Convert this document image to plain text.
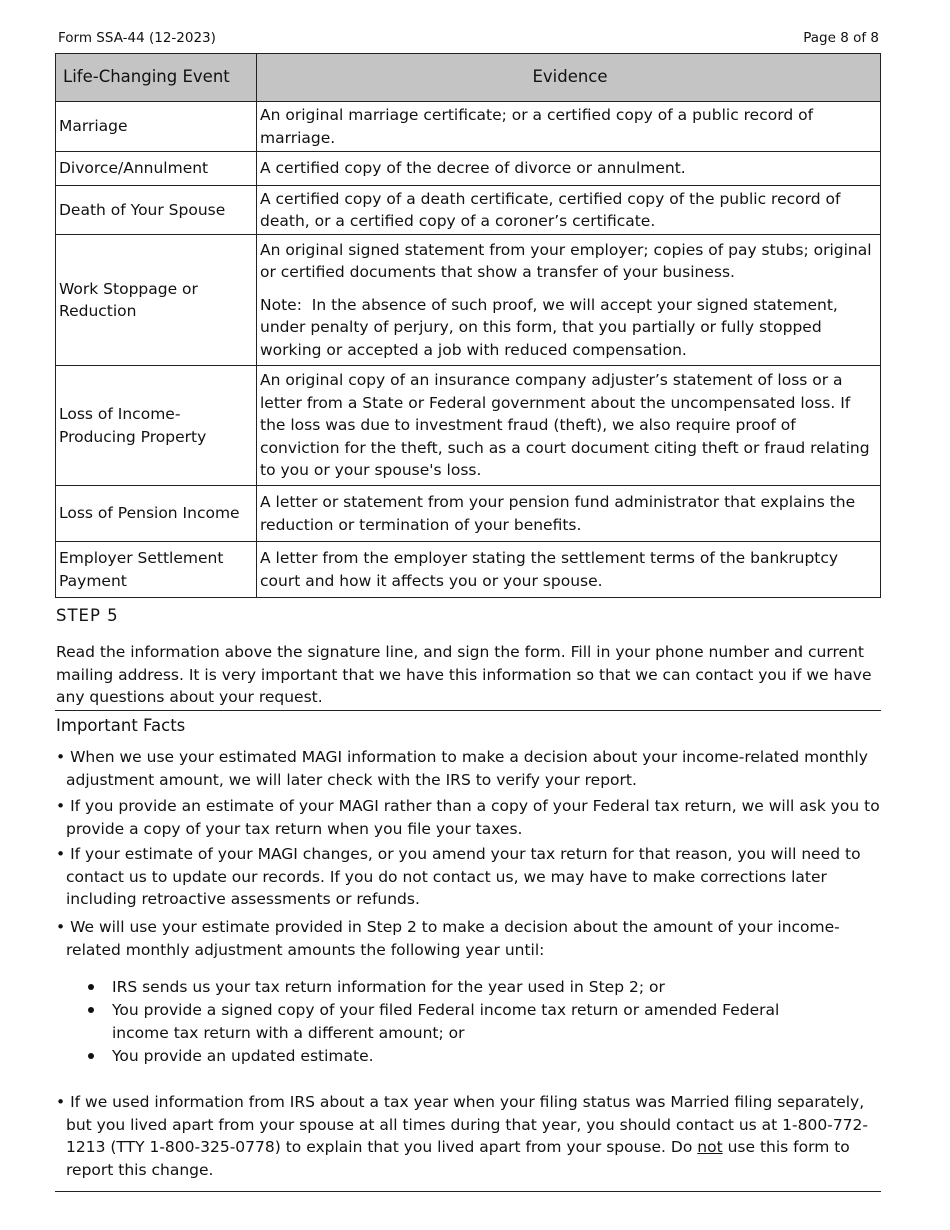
Form SSA-44 (12-2023)	Page 8 of 8
Life-Changing Event	Evidence
Marriage	An original marriage certificate; or a certified copy of a public record of marriage.
Divorce/Annulment	A certified copy of the decree of divorce or annulment.
Death of Your Spouse	A certified copy of a death certificate, certified copy of the public record of death, or a certified copy of a coroner’s certificate.
Work Stoppage or Reduction	An original signed statement from your employer; copies of pay stubs; original or certified documents that show a transfer of your business.

Note: In the absence of such proof, we will accept your signed statement, under penalty of perjury, on this form, that you partially or fully stopped working or accepted a job with reduced compensation.

Loss of Income-Producing Property	An original copy of an insurance company adjuster’s statement of loss or a letter from a State or Federal government about the uncompensated loss. If the loss was due to investment fraud (theft), we also require proof of conviction for the theft, such as a court document citing theft or fraud relating to you or your spouse's loss.
Loss of Pension Income	A letter or statement from your pension fund administrator that explains the reduction or termination of your benefits.
Employer Settlement Payment	A letter from the employer stating the settlement terms of the bankruptcy court and how it affects you or your spouse.
STEP 5
Read the information above the signature line, and sign the form. Fill in your phone number and current mailing address. It is very important that we have this information so that we can contact you if we have any questions about your request.
Important Facts
• When we use your estimated MAGI information to make a decision about your income-related monthly adjustment amount, we will later check with the IRS to verify your report.
• If you provide an estimate of your MAGI rather than a copy of your Federal tax return, we will ask you to provide a copy of your tax return when you file your taxes.
• If your estimate of your MAGI changes, or you amend your tax return for that reason, you will need to contact us to update our records. If you do not contact us, we may have to make corrections later including retroactive assessments or refunds.
• We will use your estimate provided in Step 2 to make a decision about the amount of your income-related monthly adjustment amounts the following year until:
IRS sends us your tax return information for the year used in Step 2; or
You provide a signed copy of your filed Federal income tax return or amended Federal income tax return with a different amount; or
You provide an updated estimate.
• If we used information from IRS about a tax year when your filing status was Married filing separately, but you lived apart from your spouse at all times during that year, you should contact us at 1-800-772-1213 (TTY 1-800-325-0778) to explain that you lived apart from your spouse. Do not use this form to report this change.
